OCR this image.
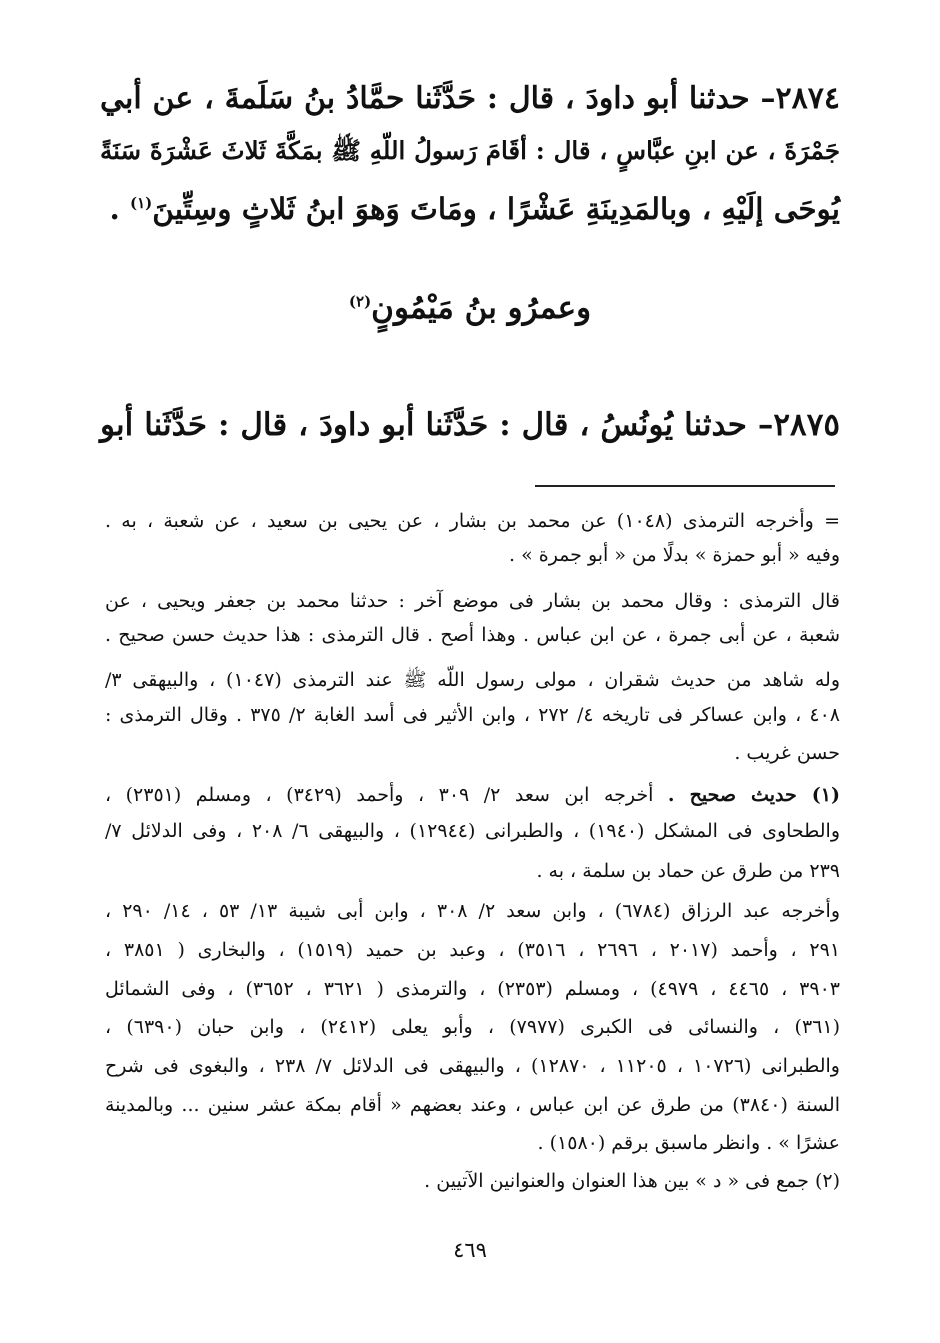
٢٨٧٤– حدثنا أبو داودَ ، قال : حَدَّثَنا حمَّادُ بنُ سَلَمةَ ، عن أبي
جَمْرَةَ ، عن ابنِ عبَّاسٍ ، قال : أقَامَ رَسولُ اللّهِ ﷺ بمَكَّةَ ثَلاثَ عَشْرَةَ سَنَةً
يُوحَى إلَيْهِ ، وبالمَدِينَةِ عَشْرًا ، ومَاتَ وَهوَ ابنُ ثَلاثٍ وسِتِّينَ$^{(١)}$ .
وعمرُو بنُ مَيْمُونٍ$^{(٢)}$
٢٨٧٥– حدثنا يُونُسُ ، قال : حَدَّثَنا أبو داودَ ، قال : حَدَّثَنا أبو
= وأخرجه الترمذى (١٠٤٨) عن محمد بن بشار ، عن يحيى بن سعيد ، عن شعبة ، به .
وفيه « أبو حمزة » بدلًا من « أبو جمرة » .
قال الترمذى : وقال محمد بن بشار فى موضع آخر : حدثنا محمد بن جعفر ويحيى ، عن
شعبة ، عن أبى جمرة ، عن ابن عباس . وهذا أصح . قال الترمذى : هذا حديث حسن صحيح .
وله شاهد من حديث شقران ، مولى رسول اللّه ﷺ عند الترمذى (١٠٤٧) ، والبيهقى ٣/
٤٠٨ ، وابن عساكر فى تاريخه ٤/ ٢٧٢ ، وابن الأثير فى أسد الغابة ٢/ ٣٧٥ . وقال الترمذى :
حسن غريب .
(١) حديث صحيح . أخرجه ابن سعد ٢/ ٣٠٩ ، وأحمد (٣٤٢٩) ، ومسلم (٢٣٥١) ،
والطحاوى فى المشكل (١٩٤٠) ، والطبرانى (١٢٩٤٤) ، والبيهقى ٦/ ٢٠٨ ، وفى الدلائل ٧/
٢٣٩ من طرق عن حماد بن سلمة ، به .
وأخرجه عبد الرزاق (٦٧٨٤) ، وابن سعد ٢/ ٣٠٨ ، وابن أبى شيبة ١٣/ ٥٣ ، ١٤/ ٢٩٠ ،
٢٩١ ، وأحمد (٢٠١٧ ، ٢٦٩٦ ، ٣٥١٦) ، وعبد بن حميد (١٥١٩) ، والبخارى ( ٣٨٥١ ،
٣٩٠٣ ، ٤٤٦٥ ، ٤٩٧٩) ، ومسلم (٢٣٥٣) ، والترمذى ( ٣٦٢١ ، ٣٦٥٢) ، وفى الشمائل
(٣٦١) ، والنسائى فى الكبرى (٧٩٧٧) ، وأبو يعلى (٢٤١٢) ، وابن حبان (٦٣٩٠) ،
والطبرانى (١٠٧٢٦ ، ١١٢٠٥ ، ١٢٨٧٠) ، والبيهقى فى الدلائل ٧/ ٢٣٨ ، والبغوى فى شرح
السنة (٣٨٤٠) من طرق عن ابن عباس ، وعند بعضهم « أقام بمكة عشر سنين ... وبالمدينة
عشرًا » . وانظر ماسبق برقم (١٥٨٠) .
(٢) جمع فى « د » بين هذا العنوان والعنوانين الآتيين .
٤٦٩
